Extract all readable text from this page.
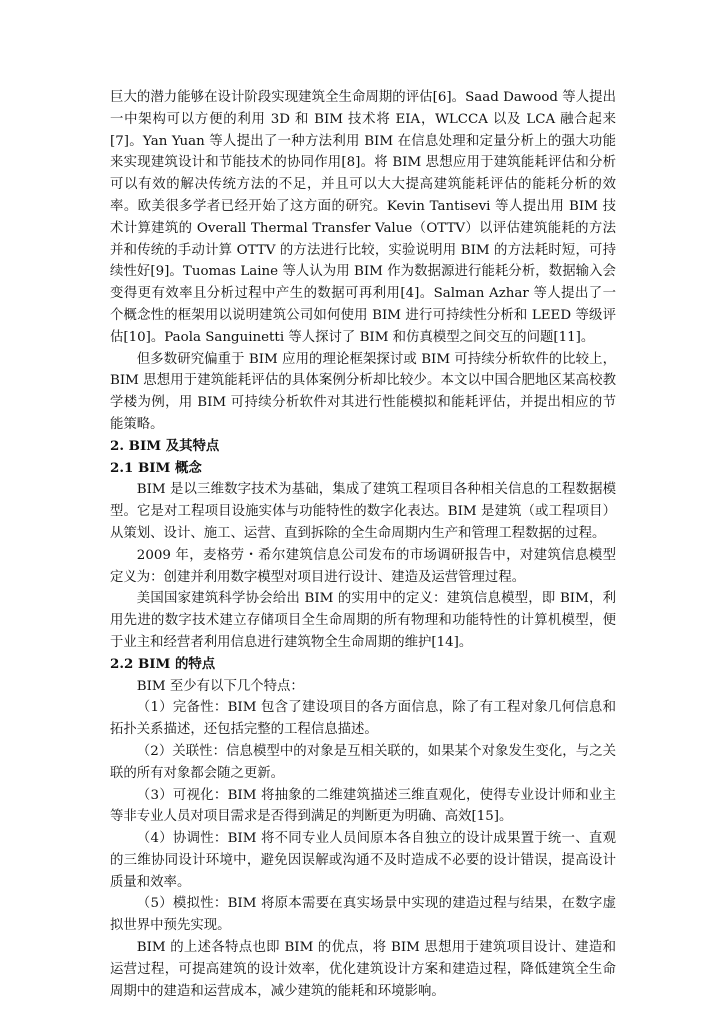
巨大的潜力能够在设计阶段实现建筑全生命周期的评估[6]。Saad Dawood 等人提出一中架构可以方便的利用 3D 和 BIM 技术将 EIA，WLCCA 以及 LCA 融合起来[7]。Yan Yuan 等人提出了一种方法利用 BIM 在信息处理和定量分析上的强大功能来实现建筑设计和节能技术的协同作用[8]。将 BIM 思想应用于建筑能耗评估和分析可以有效的解决传统方法的不足，并且可以大大提高建筑能耗评估的能耗分析的效率。欧美很多学者已经开始了这方面的研究。Kevin Tantisevi 等人提出用 BIM 技术计算建筑的 Overall Thermal Transfer Value（OTTV）以评估建筑能耗的方法并和传统的手动计算 OTTV 的方法进行比较，实验说明用 BIM 的方法耗时短，可持续性好[9]。Tuomas Laine 等人认为用 BIM 作为数据源进行能耗分析，数据输入会变得更有效率且分析过程中产生的数据可再利用[4]。Salman Azhar 等人提出了一个概念性的框架用以说明建筑公司如何使用 BIM 进行可持续性分析和 LEED 等级评估[10]。Paola Sanguinetti 等人探讨了 BIM 和仿真模型之间交互的问题[11]。

但多数研究偏重于 BIM 应用的理论框架探讨或 BIM 可持续分析软件的比较上，BIM 思想用于建筑能耗评估的具体案例分析却比较少。本文以中国合肥地区某高校教学楼为例，用 BIM 可持续分析软件对其进行性能模拟和能耗评估，并提出相应的节能策略。

2. BIM 及其特点

2.1 BIM 概念

BIM 是以三维数字技术为基础，集成了建筑工程项目各种相关信息的工程数据模型。它是对工程项目设施实体与功能特性的数字化表达。BIM 是建筑（或工程项目）从策划、设计、施工、运营、直到拆除的全生命周期内生产和管理工程数据的过程。

2009 年，麦格劳・希尔建筑信息公司发布的市场调研报告中，对建筑信息模型定义为：创建并利用数字模型对项目进行设计、建造及运营管理过程。

美国国家建筑科学协会给出 BIM 的实用中的定义：建筑信息模型，即 BIM，利用先进的数字技术建立存储项目全生命周期的所有物理和功能特性的计算机模型，便于业主和经营者利用信息进行建筑物全生命周期的维护[14]。

2.2 BIM 的特点

BIM 至少有以下几个特点：

（1）完备性：BIM 包含了建设项目的各方面信息，除了有工程对象几何信息和拓扑关系描述，还包括完整的工程信息描述。

（2）关联性：信息模型中的对象是互相关联的，如果某个对象发生变化，与之关联的所有对象都会随之更新。

（3）可视化：BIM 将抽象的二维建筑描述三维直观化，使得专业设计师和业主等非专业人员对项目需求是否得到满足的判断更为明确、高效[15]。

（4）协调性：BIM 将不同专业人员间原本各自独立的设计成果置于统一、直观的三维协同设计环境中，避免因误解或沟通不及时造成不必要的设计错误，提高设计质量和效率。

（5）模拟性：BIM 将原本需要在真实场景中实现的建造过程与结果，在数字虚拟世界中预先实现。

BIM 的上述各特点也即 BIM 的优点，将 BIM 思想用于建筑项目设计、建造和运营过程，可提高建筑的设计效率，优化建筑设计方案和建造过程，降低建筑全生命周期中的建造和运营成本，减少建筑的能耗和环境影响。
